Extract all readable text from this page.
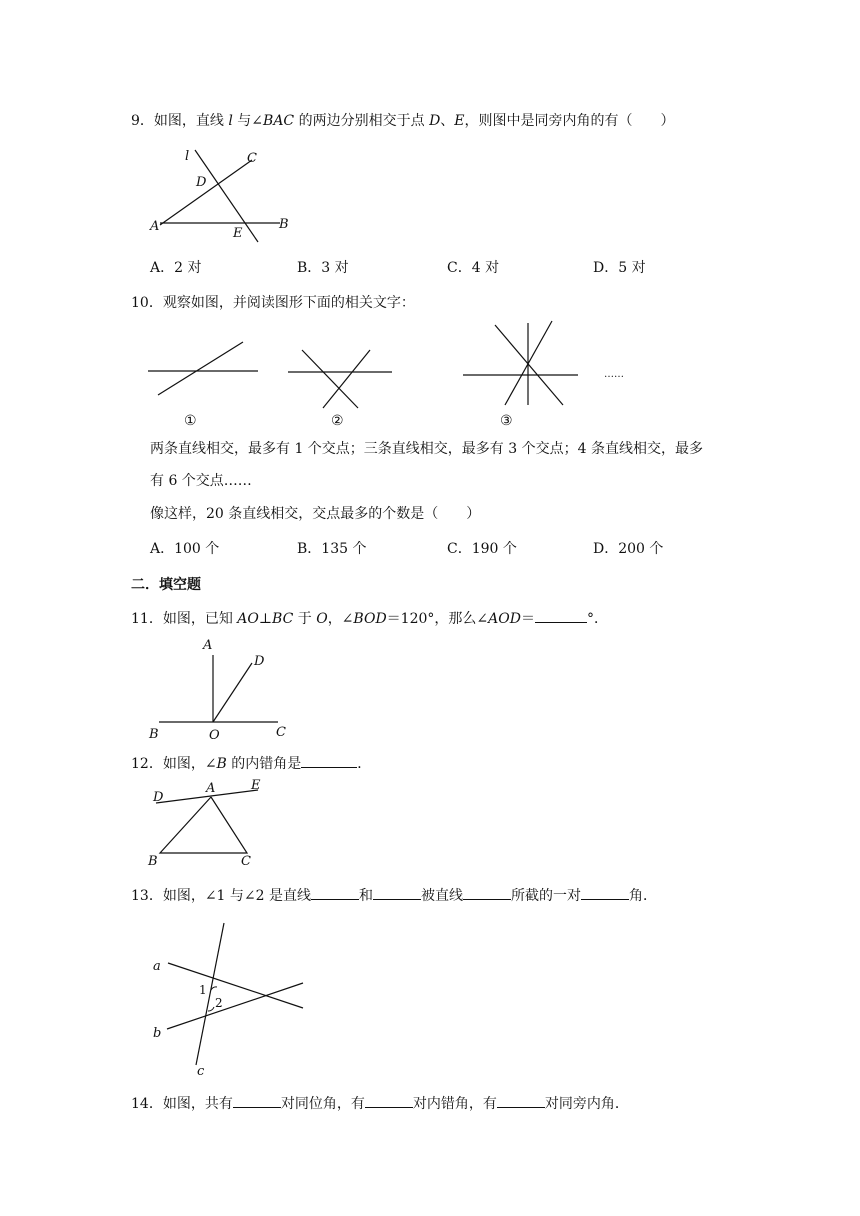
9．如图，直线 l 与∠BAC 的两边分别相交于点 D、E，则图中是同旁内角的有（　　）
l	C
D
A	E
B
A．2 对	B．3 对	C．4 对	D．5 对
10．观察如图，并阅读图形下面的相关文字：
①	②	③
……
两条直线相交，最多有 1 个交点；三条直线相交，最多有 3 个交点；4 条直线相交，最多
有 6 个交点……
像这样，20 条直线相交，交点最多的个数是（　　）
A．100 个	B．135 个	C．190 个	D．200 个
二．填空题
11．如图，已知 AO⊥BC 于 O，∠BOD＝120°，那么∠AOD＝	°．
A
D
B	O	C
12．如图，∠B 的内错角是	．
D
A	E
B	C
13．如图，∠1 与∠2 是直线	和	被直线	所截的一对	角．
a
b
c
1
2
14．如图，共有	对同位角，有	对内错角，有	对同旁内角．
